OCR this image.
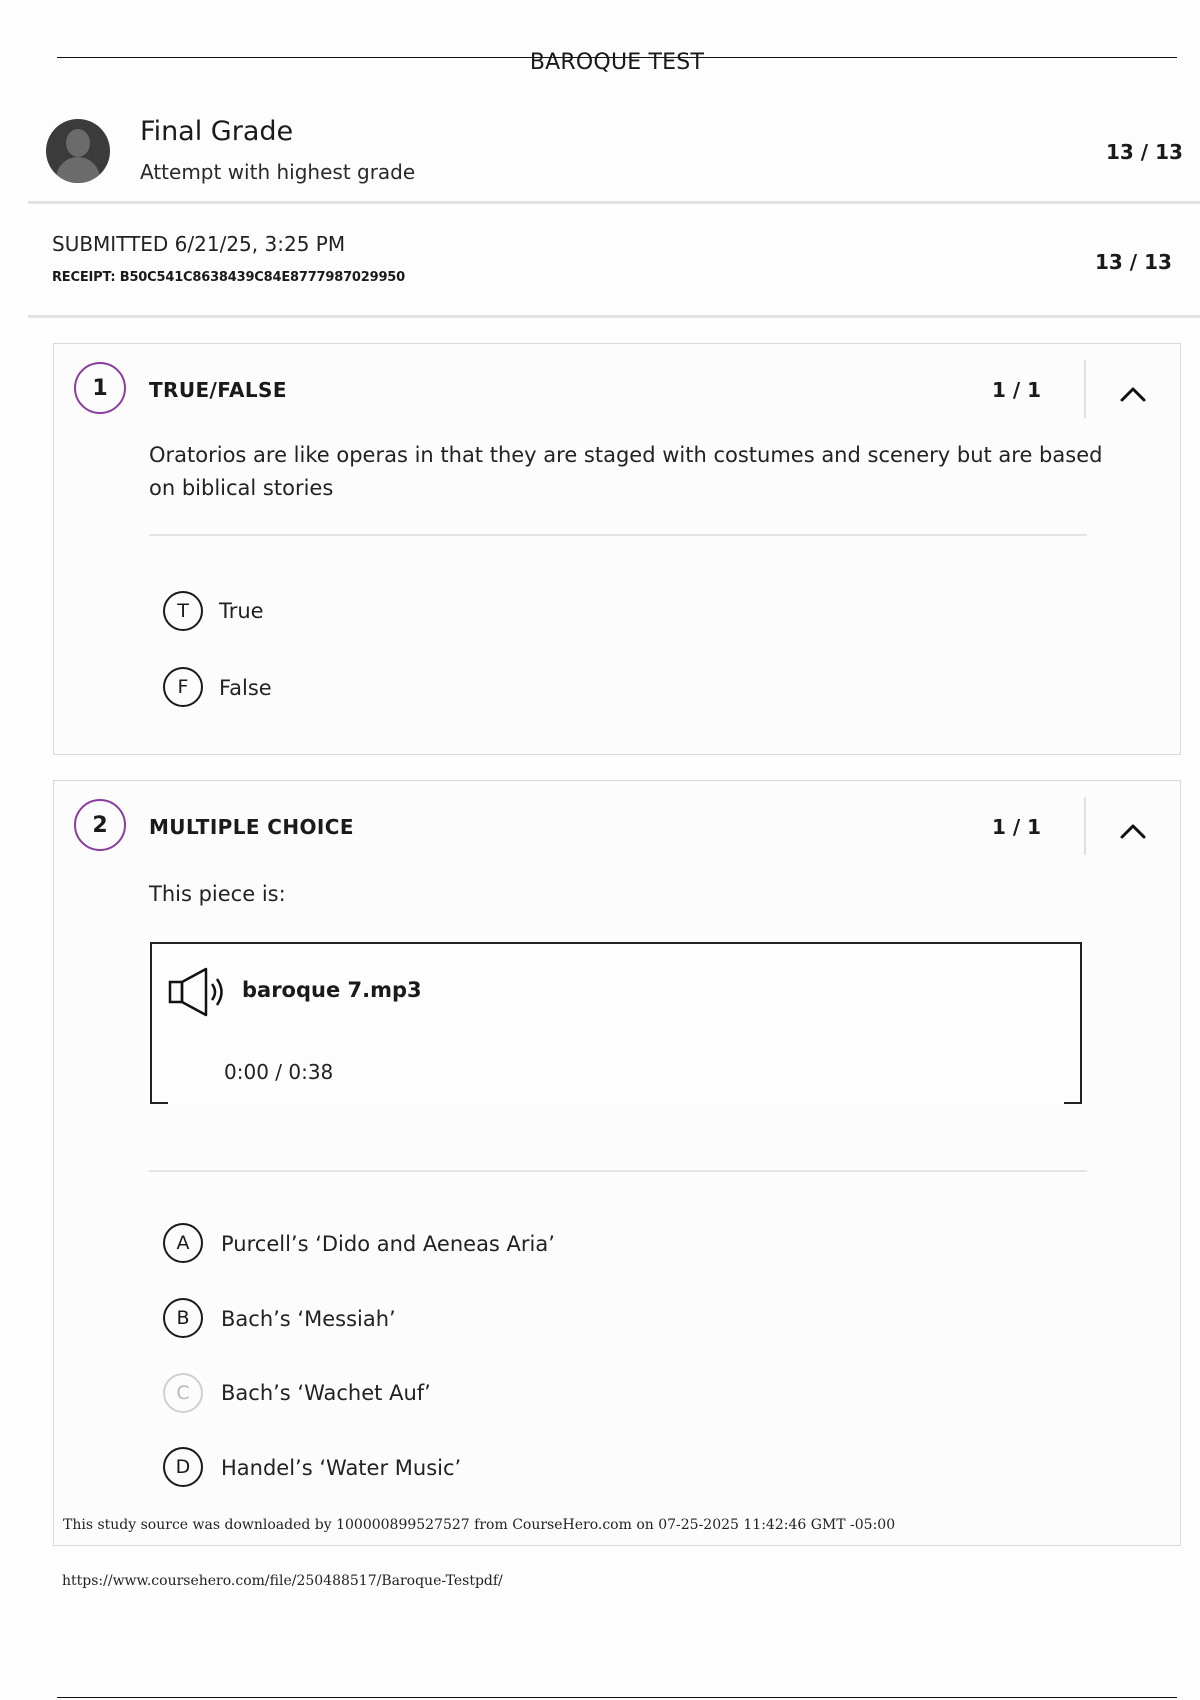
BAROQUE TEST
Final Grade
Attempt with highest grade
13 / 13
SUBMITTED 6/21/25, 3:25 PM
RECEIPT: B50C541C8638439C84E8777987029950
13 / 13
1	TRUE/FALSE	1 / 1
Oratorios are like operas in that they are staged with costumes and scenery but are based on biblical stories
T	True
F	False
2	MULTIPLE CHOICE	1 / 1
This piece is:
A	Purcell’s ‘Dido and Aeneas Aria’
B	Bach’s ‘Messiah’
C	Bach’s ‘Wachet Auf’
D	Handel’s ‘Water Music’
This study source was downloaded by 100000899527527 from CourseHero.com on 07-25-2025 11:42:46 GMT -05:00
baroque 7.mp3
0:00 / 0:38
https://www.coursehero.com/file/250488517/Baroque-Testpdf/
